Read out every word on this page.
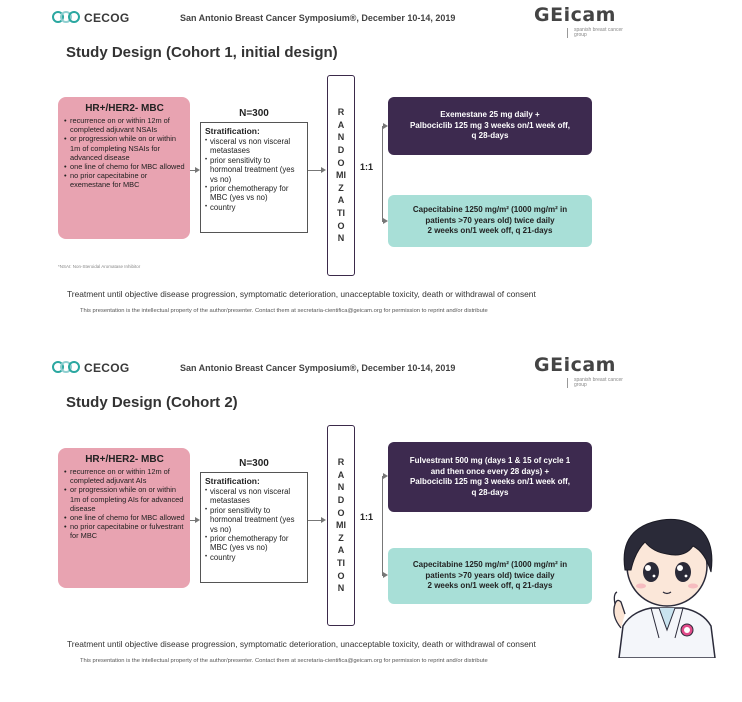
CECOG	San Antonio Breast Cancer Symposium®, December 10-14, 2019	GEicam
spanish breast cancer group
Study Design (Cohort 1, initial design)
HR+/HER2- MBC
• recurrence on or within 12m of completed adjuvant NSAIs
• or progression while on or within 1m of completing NSAIs for advanced disease
• one line of chemo for MBC allowed
• no prior capecitabine or exemestane for MBC
N=300
Stratification:
• visceral vs non visceral metastases
• prior sensitivity to hormonal treatment (yes vs no)
• prior chemotherapy for MBC (yes vs no)
• country
R
A
N
D
O
MI
Z
A
TI
O
N
1:1
Exemestane 25 mg daily +
Palbociclib 125 mg 3 weeks on/1 week off,
q 28-days
Capecitabine 1250 mg/m² (1000 mg/m² in
patients >70 years old) twice daily
2 weeks on/1 week off, q 21-days
*NSAI: Non-Steroidal Aromatase Inhibitor
Treatment until objective disease progression, symptomatic deterioration, unacceptable toxicity, death or withdrawal of consent
This presentation is the intellectual property of the author/presenter. Contact them at secretaria-cientifica@geicam.org for permission to reprint and/or distribute
CECOG	San Antonio Breast Cancer Symposium®, December 10-14, 2019	GEicam
spanish breast cancer group
Study Design (Cohort 2)
HR+/HER2- MBC
• recurrence on or within 12m of completed adjuvant AIs
• or progression while on or within 1m of completing AIs for advanced disease
• one line of chemo for MBC allowed
• no prior capecitabine or fulvestrant for MBC
N=300
Stratification:
• visceral vs non visceral metastases
• prior sensitivity to hormonal treatment (yes vs no)
• prior chemotherapy for MBC (yes vs no)
• country
R
A
N
D
O
MI
Z
A
TI
O
N
1:1
Fulvestrant 500 mg (days 1 & 15 of cycle 1
and then once every 28 days) +
Palbociclib 125 mg 3 weeks on/1 week off,
q 28-days
Capecitabine 1250 mg/m² (1000 mg/m² in
patients >70 years old) twice daily
2 weeks on/1 week off, q 21-days
Treatment until objective disease progression, symptomatic deterioration, unacceptable toxicity, death or withdrawal of consent
This presentation is the intellectual property of the author/presenter. Contact them at secretaria-cientifica@geicam.org for permission to reprint and/or distribute
